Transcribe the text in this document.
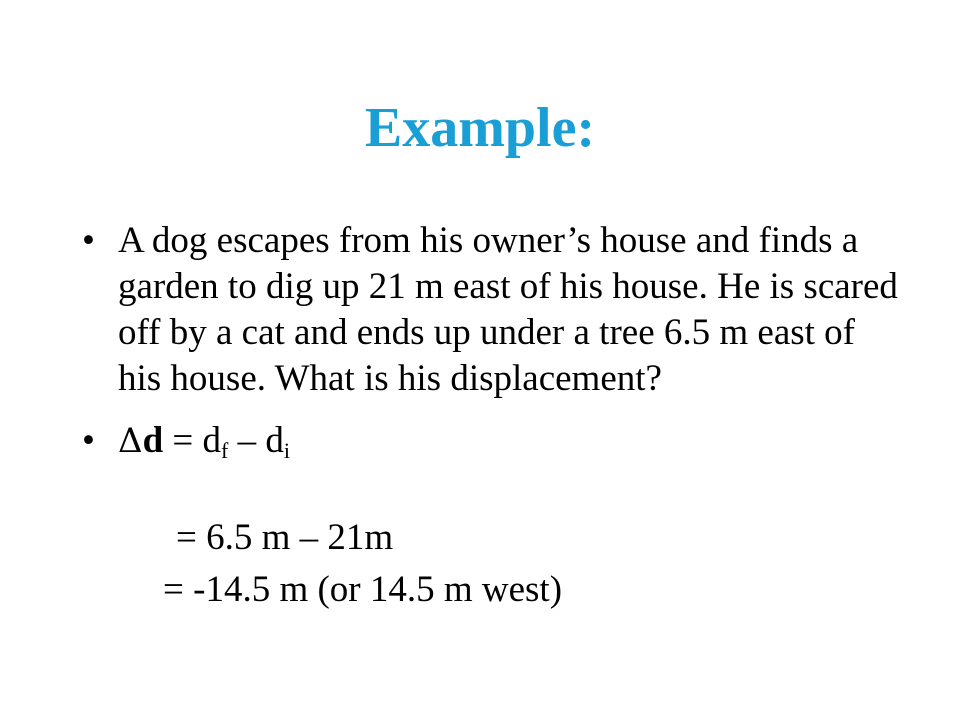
Example:
• A dog escapes from his owner’s house and finds a garden to dig up 21 m east of his house. He is scared off by a cat and ends up under a tree 6.5 m east of his house. What is his displacement?
• $\Delta d = d_f - d_i$
= 6.5 m – 21m
= -14.5 m (or 14.5 m west)
